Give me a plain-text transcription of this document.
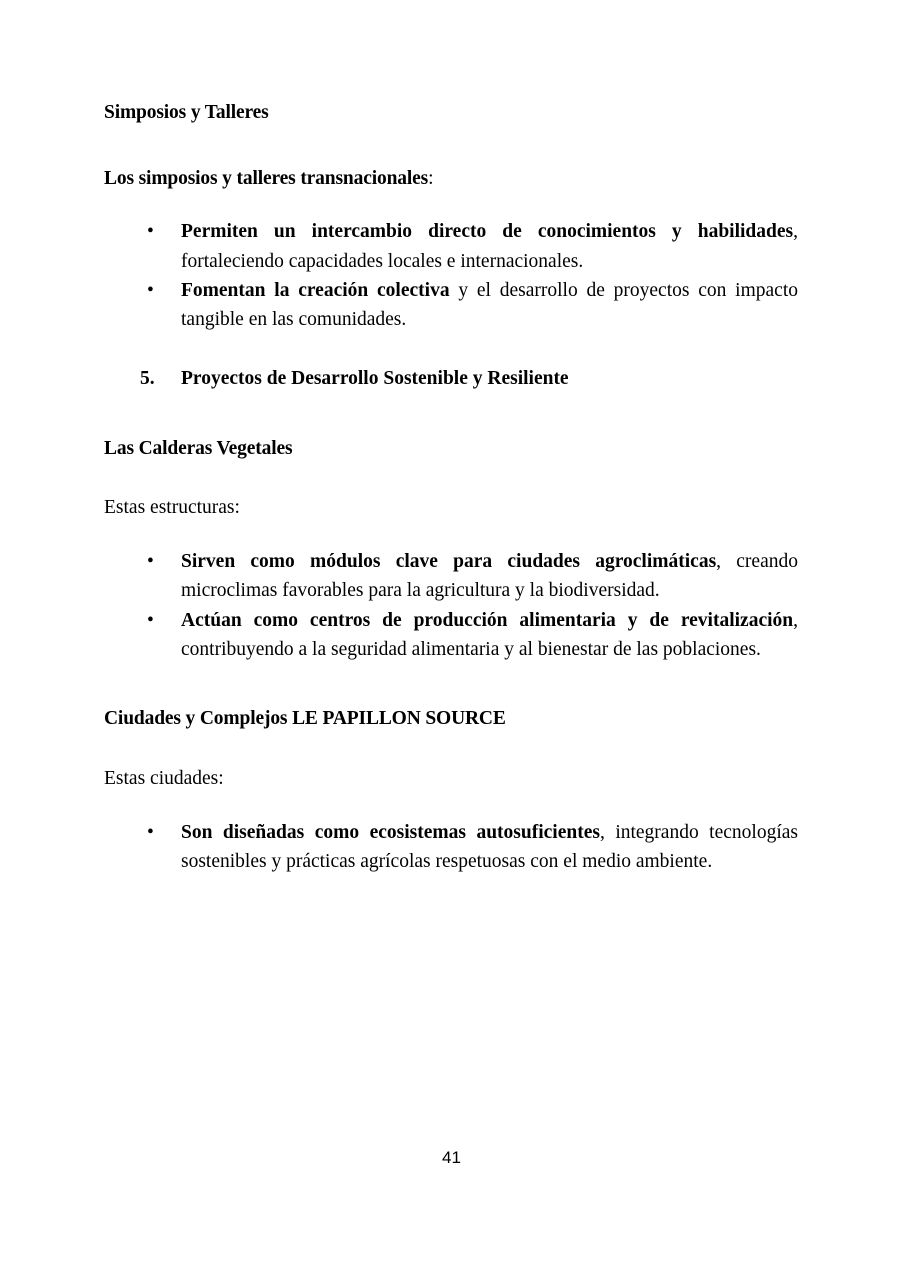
Simposios y Talleres

Los simposios y talleres transnacionales:

• Permiten un intercambio directo de conocimientos y habilidades, fortaleciendo capacidades locales e internacionales.
• Fomentan la creación colectiva y el desarrollo de proyectos con impacto tangible en las comunidades.

5. Proyectos de Desarrollo Sostenible y Resiliente

Las Calderas Vegetales

Estas estructuras:

• Sirven como módulos clave para ciudades agroclimáticas, creando microclimas favorables para la agricultura y la biodiversidad.
• Actúan como centros de producción alimentaria y de revitalización, contribuyendo a la seguridad alimentaria y al bienestar de las poblaciones.

Ciudades y Complejos LE PAPILLON SOURCE

Estas ciudades:

• Son diseñadas como ecosistemas autosuficientes, integrando tecnologías sostenibles y prácticas agrícolas respetuosas con el medio ambiente.
41
